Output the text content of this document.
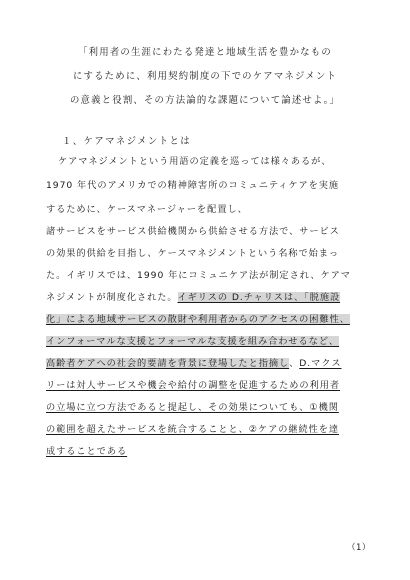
「利用者の生涯にわたる発達と地域生活を豊かなもの
にするために、利用契約制度の下でのケアマネジメント
の意義と役割、その方法論的な課題について論述せよ。」
１、ケアマネジメントとは
ケアマネジメントという用語の定義を巡っては様々あるが、
1970 年代のアメリカでの精神障害所のコミュニティケアを実施
するために、ケースマネージャーを配置し、
諸サービスをサービス供給機関から供給させる方法で、サービス
の効果的供給を目指し、ケースマネジメントという名称で始まっ
た。イギリスでは、1990 年にコミュニケア法が制定され、ケアマ
ネジメントが制度化された。イギリスの D.チャリスは、「脱施設
化」による地域サービスの散財や利用者からのアクセスの困難性、
インフォーマルな支援とフォーマルな支援を組み合わせるなど、
高齢者ケアへの社会的要請を背景に登場したと指摘し、D.マクス
リーは対人サービスや機会や給付の調整を促進するための利用者
の立場に立つ方法であると提起し、その効果についても、①機関
の範囲を超えたサービスを統合することと、②ケアの継続性を達
成することである
（1）
